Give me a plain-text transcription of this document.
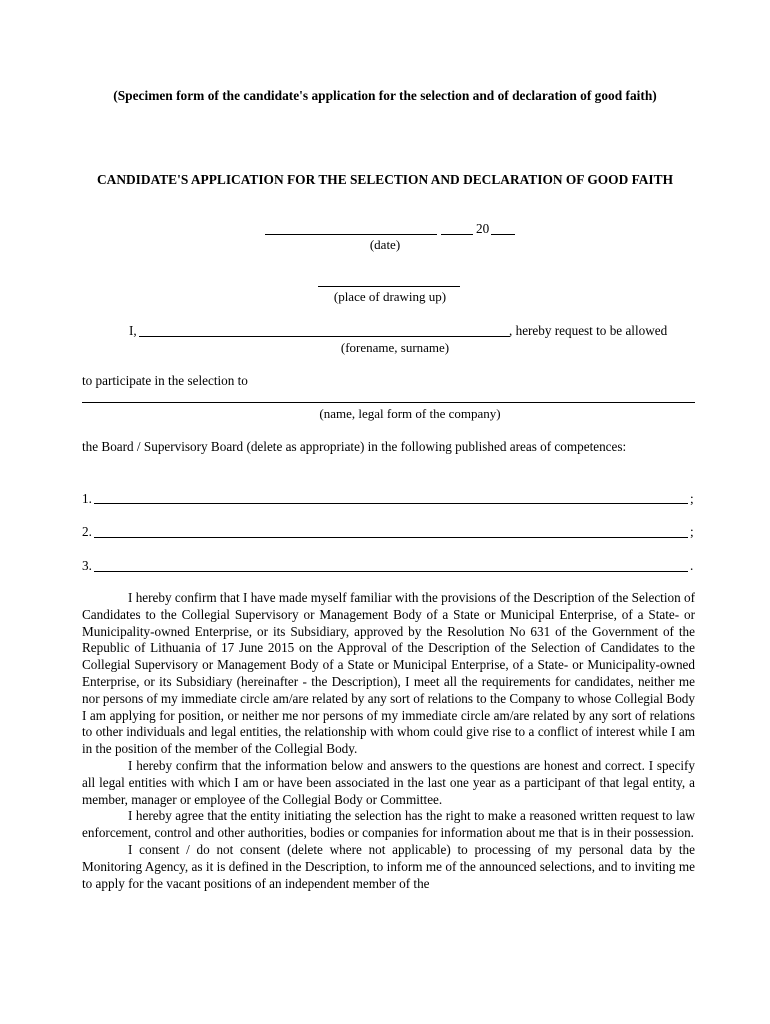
(Specimen form of the candidate's application for the selection and of declaration of good faith)
CANDIDATE'S APPLICATION FOR THE SELECTION AND DECLARATION OF GOOD FAITH
20
(date)
(place of drawing up)
I,	, hereby request to be allowed
(forename, surname)
to participate in the selection to
(name, legal form of the company)
the Board / Supervisory Board (delete as appropriate) in the following published areas of competences:
1.	;
2.	;
3.	.

I hereby confirm that I have made myself familiar with the provisions of the Description of the Selection of Candidates to the Collegial Supervisory or Management Body of a State or Municipal Enterprise, of a State- or Municipality-owned Enterprise, or its Subsidiary, approved by the Resolution No 631 of the Government of the Republic of Lithuania of 17 June 2015 on the Approval of the Description of the Selection of Candidates to the Collegial Supervisory or Management Body of a State or Municipal Enterprise, of a State- or Municipality-owned Enterprise, or its Subsidiary (hereinafter - the Description), I meet all the requirements for candidates, neither me nor persons of my immediate circle am/are related by any sort of relations to the Company to whose Collegial Body I am applying for position, or neither me nor persons of my immediate circle am/are related by any sort of relations to other individuals and legal entities, the relationship with whom could give rise to a conflict of interest while I am in the position of the member of the Collegial Body.

I hereby confirm that the information below and answers to the questions are honest and correct. I specify all legal entities with which I am or have been associated in the last one year as a participant of that legal entity, a member, manager or employee of the Collegial Body or Committee.

I hereby agree that the entity initiating the selection has the right to make a reasoned written request to law enforcement, control and other authorities, bodies or companies for information about me that is in their possession.

I consent / do not consent (delete where not applicable) to processing of my personal data by the Monitoring Agency, as it is defined in the Description, to inform me of the announced selections, and to inviting me to apply for the vacant positions of an independent member of the
